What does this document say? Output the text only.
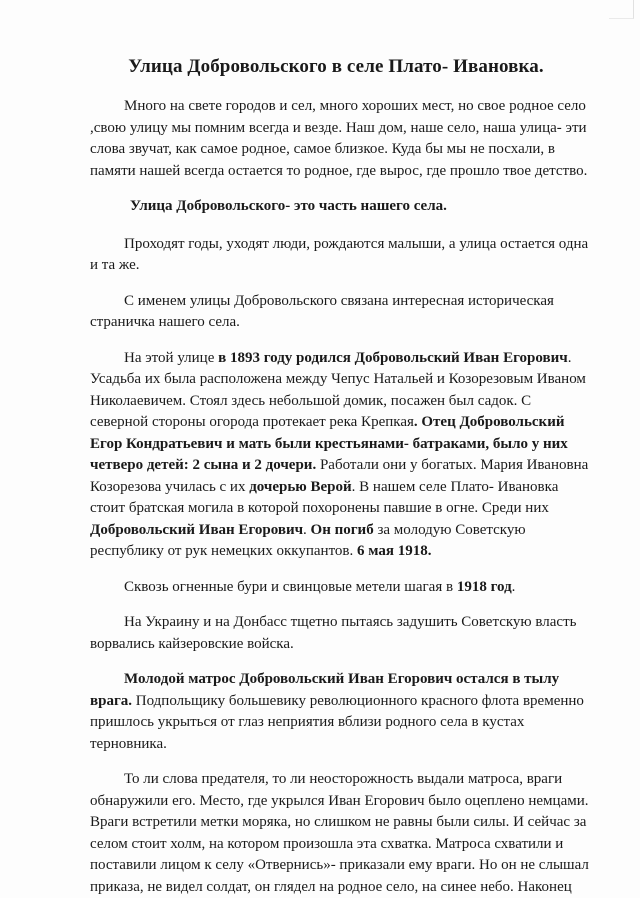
Улица Добровольского в селе Плато- Ивановка.

Много на свете городов и сел, много хороших мест, но свое родное село ,свою улицу мы помним всегда и везде. Наш дом, наше село, наша улица- эти слова звучат, как самое родное, самое близкое. Куда бы мы не посхали, в памяти нашей всегда остается то родное, где вырос, где прошло твое детство.

Улица Добровольского- это часть нашего села.

Проходят годы, уходят люди, рождаются малыши, а улица остается одна и та же.

С именем улицы Добровольского связана интересная историческая страничка нашего села.

На этой улице в 1893 году родился Добровольский Иван Егорович. Усадьба их была расположена между Чепус Натальей и Козорезовым Иваном Николаевичем. Стоял здесь небольшой домик, посажен был садок. С северной стороны огорода протекает река Крепкая. Отец Добровольский Егор Кондратьевич и мать были крестьянами- батраками, было у них четверо детей: 2 сына и 2 дочери. Работали они у богатых. Мария Ивановна Козорезова училась с их дочерью Верой. В нашем селе Плато- Ивановка стоит братская могила в которой похоронены павшие в огне. Среди них Добровольский Иван Егорович. Он погиб за молодую Советскую республику от рук немецких оккупантов. 6 мая 1918.

Сквозь огненные бури и свинцовые метели шагая в 1918 год.

На Украину и на Донбасс тщетно пытаясь задушить Советскую власть ворвались кайзеровские войска.

Молодой матрос Добровольский Иван Егорович остался в тылу врага. Подпольщику большевику революционного красного флота временно пришлось укрыться от глаз неприятия вблизи родного села в кустах терновника.

То ли слова предателя, то ли неосторожность выдали матроса, враги обнаружили его. Место, где укрылся Иван Егорович было оцеплено немцами. Враги встретили метки моряка, но слишком не равны были силы. И сейчас за селом стоит холм, на котором произошла эта схватка. Матроса схватили и поставили лицом к селу «Отвернись»- приказали ему враги. Но он не слышал приказа, не видел солдат, он глядел на родное село, на синее небо. Наконец
